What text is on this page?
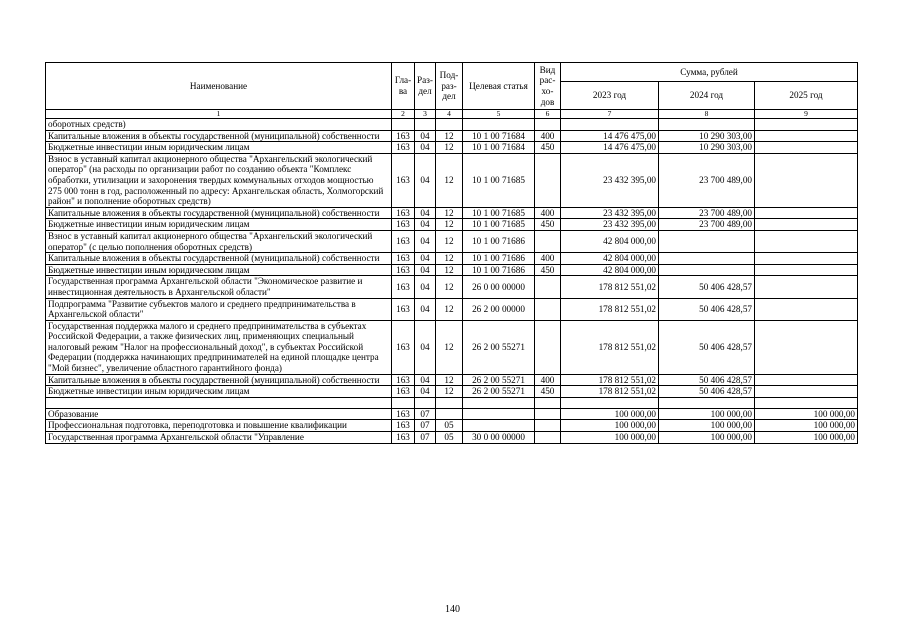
Наименование	Гла-ва	Раз-дел	Под-раз-дел	Целевая статья	Вид рас-хо-дов	Сумма, рублей		
						2023 год	2024 год	2025 год
1	2	3	4	5	6	7	8	9
оборотных средств)								
Капитальные вложения в объекты государственной (муниципальной) собственности	163	04	12	10 1 00 71684	400	14 476 475,00	10 290 303,00	
Бюджетные инвестиции иным юридическим лицам	163	04	12	10 1 00 71684	450	14 476 475,00	10 290 303,00	
Взнос в уставный капитал акционерного общества "Архангельский экологический оператор" (на расходы по организации работ по созданию объекта "Комплекс обработки, утилизации и захоронения твердых коммунальных отходов мощностью 275 000 тонн в год, расположенный по адресу: Архангельская область, Холмогорский район" и пополнение оборотных средств)	163	04	12	10 1 00 71685		23 432 395,00	23 700 489,00	
Капитальные вложения в объекты государственной (муниципальной) собственности	163	04	12	10 1 00 71685	400	23 432 395,00	23 700 489,00	
Бюджетные инвестиции иным юридическим лицам	163	04	12	10 1 00 71685	450	23 432 395,00	23 700 489,00	
Взнос в уставный капитал акционерного общества "Архангельский экологический оператор" (с целью пополнения оборотных средств)	163	04	12	10 1 00 71686		42 804 000,00		
Капитальные вложения в объекты государственной (муниципальной) собственности	163	04	12	10 1 00 71686	400	42 804 000,00		
Бюджетные инвестиции иным юридическим лицам	163	04	12	10 1 00 71686	450	42 804 000,00		
Государственная программа Архангельской области "Экономическое развитие и инвестиционная деятельность в Архангельской области"	163	04	12	26 0 00 00000		178 812 551,02	50 406 428,57	
Подпрограмма "Развитие субъектов малого и среднего предпринимательства в Архангельской области"	163	04	12	26 2 00 00000		178 812 551,02	50 406 428,57	
Государственная поддержка малого и среднего предпринимательства в субъектах Российской Федерации, а также физических лиц, применяющих специальный налоговый режим "Налог на профессиональный доход", в субъектах Российской Федерации (поддержка начинающих предпринимателей на единой площадке центра "Мой бизнес", увеличение областного гарантийного фонда)	163	04	12	26 2 00 55271		178 812 551,02	50 406 428,57	
Капитальные вложения в объекты государственной (муниципальной) собственности	163	04	12	26 2 00 55271	400	178 812 551,02	50 406 428,57	
Бюджетные инвестиции иным юридическим лицам	163	04	12	26 2 00 55271	450	178 812 551,02	50 406 428,57	

Образование	163	07				100 000,00	100 000,00	100 000,00
Профессиональная подготовка, переподготовка и повышение квалификации	163	07	05			100 000,00	100 000,00	100 000,00
Государственная программа Архангельской области "Управление	163	07	05	30 0 00 00000		100 000,00	100 000,00	100 000,00
140
